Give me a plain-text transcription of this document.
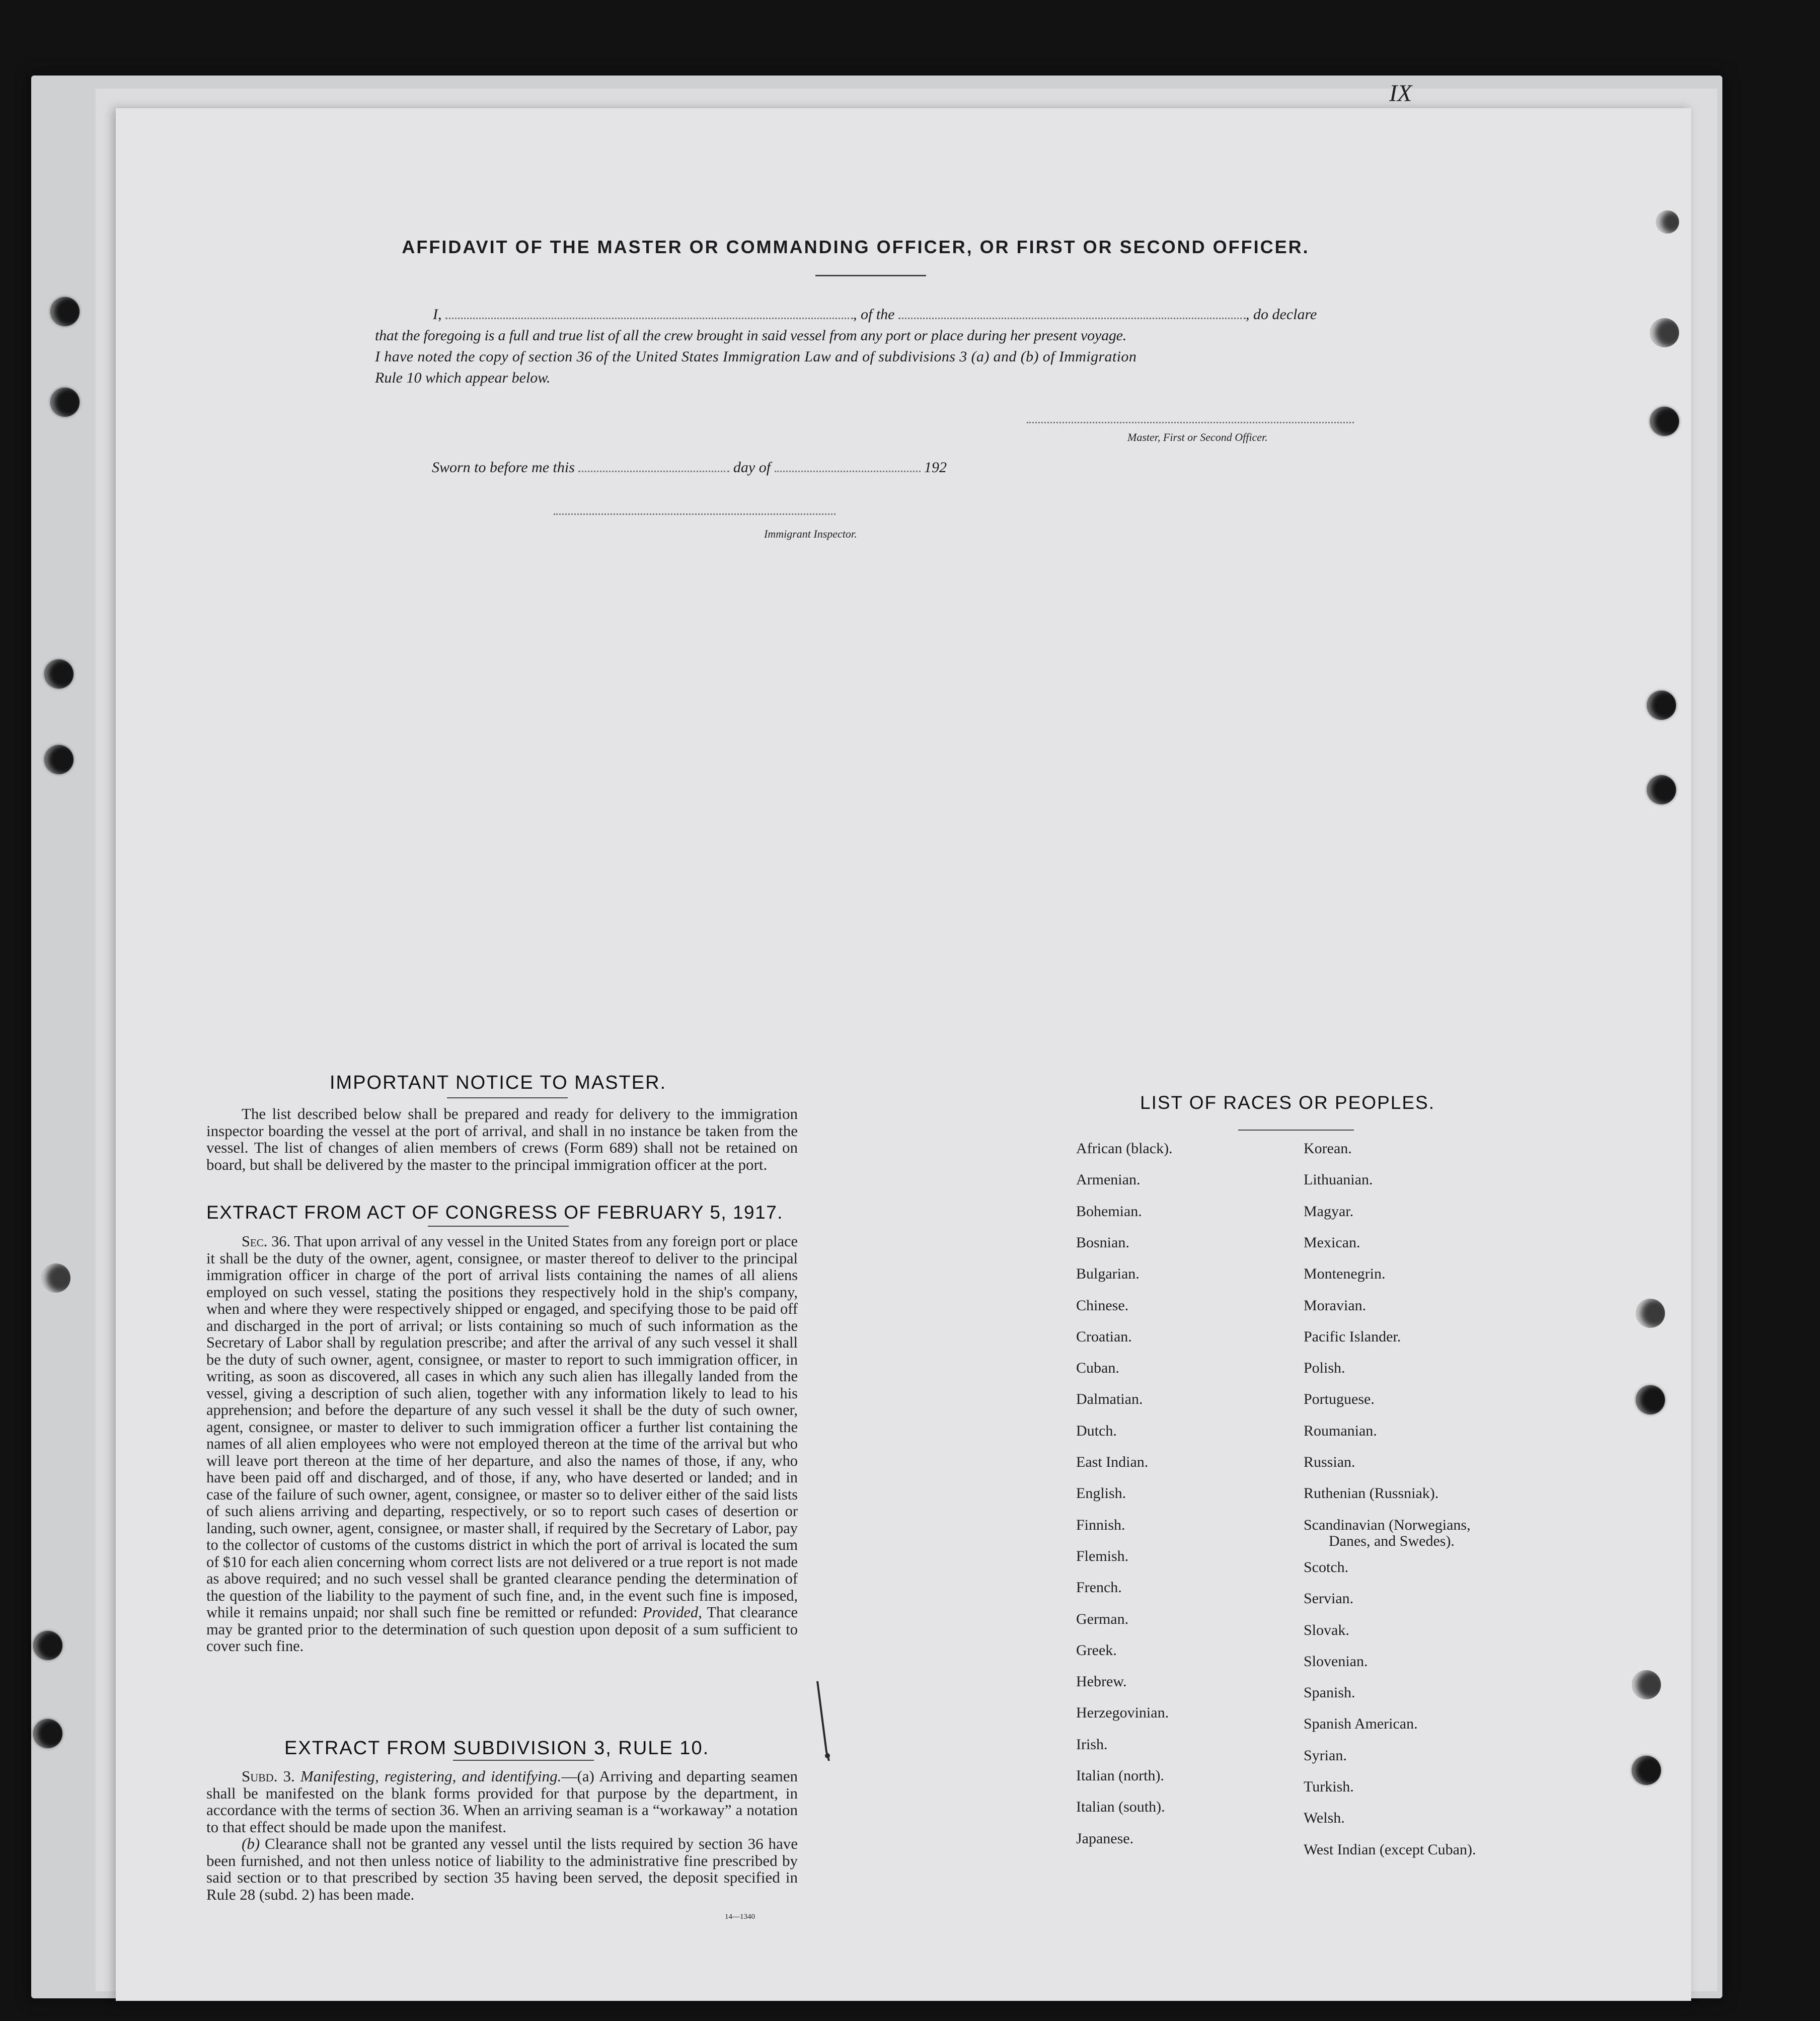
IX
AFFIDAVIT OF THE MASTER OR COMMANDING OFFICER, OR FIRST OR SECOND OFFICER.
I,	, of the	, do declare
that the foregoing is a full and true list of all the crew brought in said vessel from any port or place during her present voyage.
I have noted the copy of section 36 of the United States Immigration Law and of subdivisions 3 (a) and (b) of Immigration
Rule 10 which appear below.
Master, First or Second Officer.
Sworn to before me this	day of	192
Immigrant Inspector.
IMPORTANT NOTICE TO MASTER.

The list described below shall be prepared and ready for delivery to the immigration inspector boarding the vessel at the port of arrival, and shall in no instance be taken from the vessel. The list of changes of alien members of crews (Form 689) shall not be retained on board, but shall be delivered by the master to the principal immigration officer at the port.

EXTRACT FROM ACT OF CONGRESS OF FEBRUARY 5, 1917.

Sec. 36. That upon arrival of any vessel in the United States from any foreign port or place it shall be the duty of the owner, agent, consignee, or master thereof to deliver to the principal immigration officer in charge of the port of arrival lists containing the names of all aliens employed on such vessel, stating the positions they respectively hold in the ship's company, when and where they were respectively shipped or engaged, and specifying those to be paid off and discharged in the port of arrival; or lists containing so much of such information as the Secretary of Labor shall by regulation prescribe; and after the arrival of any such vessel it shall be the duty of such owner, agent, consignee, or master to report to such immigration officer, in writing, as soon as discovered, all cases in which any such alien has illegally landed from the vessel, giving a description of such alien, together with any information likely to lead to his apprehension; and before the departure of any such vessel it shall be the duty of such owner, agent, consignee, or master to deliver to such immigration officer a further list containing the names of all alien employees who were not employed thereon at the time of the arrival but who will leave port thereon at the time of her departure, and also the names of those, if any, who have been paid off and discharged, and of those, if any, who have deserted or landed; and in case of the failure of such owner, agent, consignee, or master so to deliver either of the said lists of such aliens arriving and departing, respectively, or so to report such cases of desertion or landing, such owner, agent, consignee, or master shall, if required by the Secretary of Labor, pay to the collector of customs of the customs district in which the port of arrival is located the sum of $10 for each alien concerning whom correct lists are not delivered or a true report is not made as above required; and no such vessel shall be granted clearance pending the determination of the question of the liability to the payment of such fine, and, in the event such fine is imposed, while it remains unpaid; nor shall such fine be remitted or refunded: Provided, That clearance may be granted prior to the determination of such question upon deposit of a sum sufficient to cover such fine.

EXTRACT FROM SUBDIVISION 3, RULE 10.

Subd. 3. Manifesting, registering, and identifying.—(a) Arriving and departing seamen shall be manifested on the blank forms provided for that purpose by the department, in accordance with the terms of section 36. When an arriving seaman is a “workaway” a notation to that effect should be made upon the manifest.

(b) Clearance shall not be granted any vessel until the lists required by section 36 have been furnished, and not then unless notice of liability to the administrative fine prescribed by said section or to that prescribed by section 35 having been served, the deposit specified in Rule 28 (subd. 2) has been made.

14—1340
LIST OF RACES OR PEOPLES.
African (black).
Armenian.
Bohemian.
Bosnian.
Bulgarian.
Chinese.
Croatian.
Cuban.
Dalmatian.
Dutch.
East Indian.
English.
Finnish.
Flemish.
French.
German.
Greek.
Hebrew.
Herzegovinian.
Irish.
Italian (north).
Italian (south).
Japanese.
Korean.
Lithuanian.
Magyar.
Mexican.
Montenegrin.
Moravian.
Pacific Islander.
Polish.
Portuguese.
Roumanian.
Russian.
Ruthenian (Russniak).
Scandinavian (Norwegians,
Danes, and Swedes).
Scotch.
Servian.
Slovak.
Slovenian.
Spanish.
Spanish American.
Syrian.
Turkish.
Welsh.
West Indian (except Cuban).
